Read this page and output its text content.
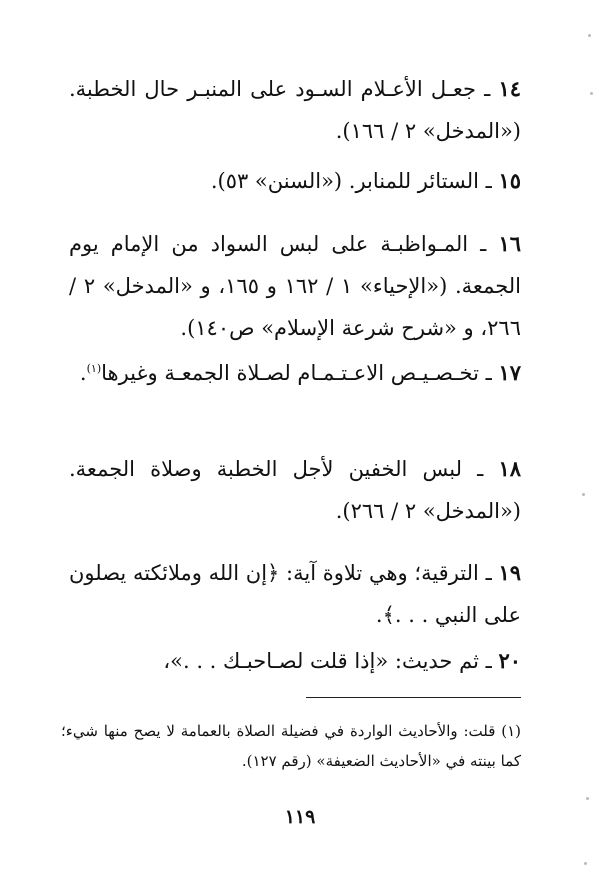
١٤ ـ جعـل الأعـلام السـود على المنبـر حال الخطبة. («المدخل» ٢ / ١٦٦).
١٥ ـ الستائر للمنابر. («السنن» ٥٣).
١٦ ـ المـواظبـة على لبس السواد من الإمام يوم الجمعة. («الإحياء» ١ / ١٦٢ و ١٦٥، و «المدخل» ٢ / ٢٦٦، و «شرح شرعة الإسلام» ص١٤٠).
١٧ ـ تخـصـيـص الاعـتـمـام لصـلاة الجمعـة وغيرها$^{(١)}$.
١٨ ـ لبس الخفين لأجل الخطبة وصلاة الجمعة. («المدخل» ٢ / ٢٦٦).
١٩ ـ الترقية؛ وهي تلاوة آية: ﴿إن الله وملائكته يصلون على النبي . . .﴾.
٢٠ ـ ثم حديث: «إذا قلت لصـاحبـك . . .»،
(١) قلت: والأحاديث الواردة في فضيلة الصلاة بالعمامة لا يصح منها شيء؛ كما بينته في «الأحاديث الضعيفة» (رقم ١٢٧).
١١٩
